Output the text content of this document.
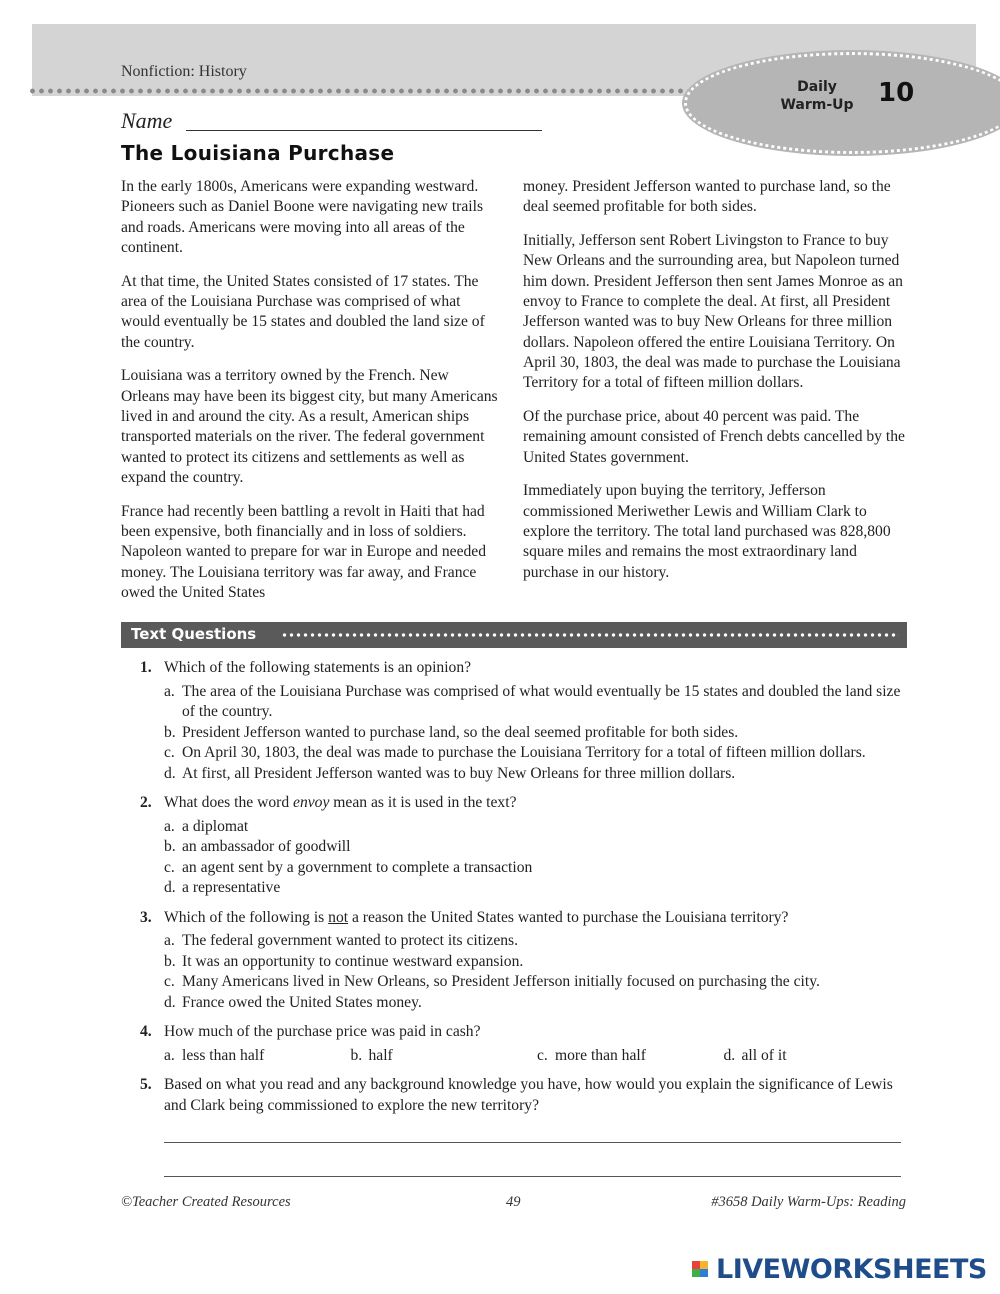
Nonfiction: History
Daily
Warm-Up 10
Name
The Louisiana Purchase

In the early 1800s, Americans were expanding westward. Pioneers such as Daniel Boone were navigating new trails and roads. Americans were moving into all areas of the continent.

At that time, the United States consisted of 17 states. The area of the Louisiana Purchase was comprised of what would eventually be 15 states and doubled the land size of the country.

Louisiana was a territory owned by the French. New Orleans may have been its biggest city, but many Americans lived in and around the city. As a result, American ships transported materials on the river. The federal government wanted to protect its citizens and settlements as well as expand the country.

France had recently been battling a revolt in Haiti that had been expensive, both financially and in loss of soldiers. Napoleon wanted to prepare for war in Europe and needed money. The Louisiana territory was far away, and France owed the United States

money. President Jefferson wanted to purchase land, so the deal seemed profitable for both sides.

Initially, Jefferson sent Robert Livingston to France to buy New Orleans and the surrounding area, but Napoleon turned him down. President Jefferson then sent James Monroe as an envoy to France to complete the deal. At first, all President Jefferson wanted was to buy New Orleans for three million dollars. Napoleon offered the entire Louisiana Territory. On April 30, 1803, the deal was made to purchase the Louisiana Territory for a total of fifteen million dollars.

Of the purchase price, about 40 percent was paid. The remaining amount consisted of French debts cancelled by the United States government.

Immediately upon buying the territory, Jefferson commissioned Meriwether Lewis and William Clark to explore the territory. The total land purchased was 828,800 square miles and remains the most extraordinary land purchase in our history.

Text Questions
1. Which of the following statements is an opinion?
a. The area of the Louisiana Purchase was comprised of what would eventually be 15 states and doubled the land size of the country.
b. President Jefferson wanted to purchase land, so the deal seemed profitable for both sides.
c. On April 30, 1803, the deal was made to purchase the Louisiana Territory for a total of fifteen million dollars.
d. At first, all President Jefferson wanted was to buy New Orleans for three million dollars.
2. What does the word envoy mean as it is used in the text?
a. a diplomat
b. an ambassador of goodwill
c. an agent sent by a government to complete a transaction
d. a representative
3. Which of the following is not a reason the United States wanted to purchase the Louisiana territory?
a. The federal government wanted to protect its citizens.
b. It was an opportunity to continue westward expansion.
c. Many Americans lived in New Orleans, so President Jefferson initially focused on purchasing the city.
d. France owed the United States money.
4. How much of the purchase price was paid in cash?
a. less than half	b. half	c. more than half	d. all of it
5. Based on what you read and any background knowledge you have, how would you explain the significance of Lewis and Clark being commissioned to explore the new territory?
©Teacher Created Resources	49	#3658 Daily Warm-Ups: Reading
LIVEWORKSHEETS
